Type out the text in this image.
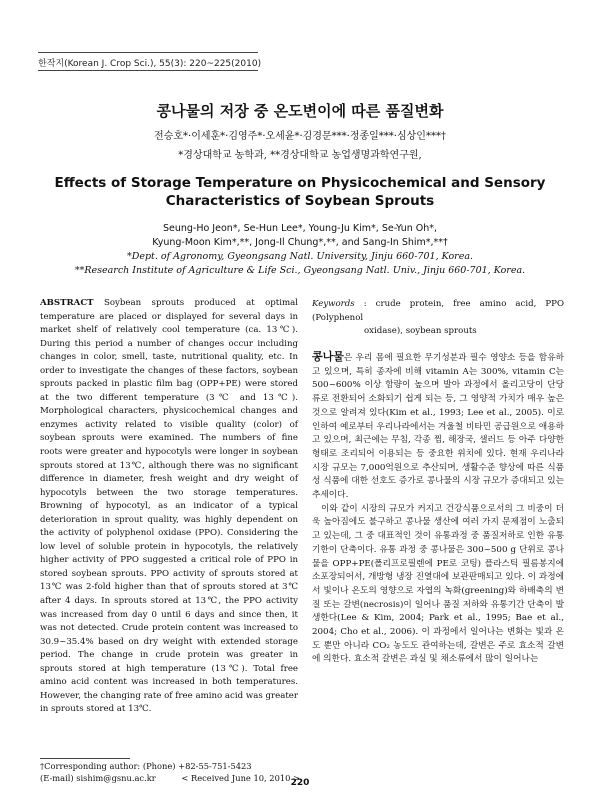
한작지(Korean J. Crop Sci.), 55(3): 220~225(2010)
콩나물의 저장 중 온도변이에 따른 품질변화
전승호*·이세훈*·김영주*·오세윤*·김경문***·정종일***·심상인***†
*경상대학교 농학과, **경상대학교 농업생명과학연구원,
Effects of Storage Temperature on Physicochemical and Sensory Characteristics of Soybean Sprouts
Seung-Ho Jeon*, Se-Hun Lee*, Young-Ju Kim*, Se-Yun Oh*,
Kyung-Moon Kim*,**, Jong-Il Chung*,**, and Sang-In Shim*,**†
*Dept. of Agronomy, Gyeongsang Natl. University, Jinju 660-701, Korea.
**Research Institute of Agriculture & Life Sci., Gyeongsang Natl. Univ., Jinju 660-701, Korea.
ABSTRACT Soybean sprouts produced at optimal temperature are placed or displayed for several days in market shelf of relatively cool temperature (ca. 13℃). During this period a number of changes occur including changes in color, smell, taste, nutritional quality, etc. In order to investigate the changes of these factors, soybean sprouts packed in plastic film bag (OPP+PE) were stored at the two different temperature (3℃ and 13℃). Morphological characters, physicochemical changes and enzymes activity related to visible quality (color) of soybean sprouts were examined. The numbers of fine roots were greater and hypocotyls were longer in soybean sprouts stored at 13℃, although there was no significant difference in diameter, fresh weight and dry weight of hypocotyls between the two storage temperatures. Browning of hypocotyl, as an indicator of a typical deterioration in sprout quality, was highly dependent on the activity of polyphenol oxidase (PPO). Considering the low level of soluble protein in hypocotyls, the relatively higher activity of PPO suggested a critical role of PPO in stored soybean sprouts. PPO activity of sprouts stored at 13℃ was 2-fold higher than that of sprouts stored at 3℃ after 4 days. In sprouts stored at 13℃, the PPO activity was increased from day 0 until 6 days and since then, it was not detected. Crude protein content was increased to 30.9~35.4% based on dry weight with extended storage period. The change in crude protein was greater in sprouts stored at high temperature (13℃). Total free amino acid content was increased in both temperatures. However, the changing rate of free amino acid was greater in sprouts stored at 13℃.
Keywords : crude protein, free amino acid, PPO (Polyphenol
oxidase), soybean sprouts

콩나물은 우리 몸에 필요한 무기성분과 필수 영양소 등을 함유하고 있으며, 특히 종자에 비해 vitamin A는 300%, vitamin C는 500~600% 이상 함량이 높으며 발아 과정에서 올리고당이 단당류로 전환되어 소화되기 쉽게 되는 등, 그 영양적 가치가 매우 높은 것으로 알려져 있다(Kim et al., 1993; Lee et al., 2005). 이로 인하여 예로부터 우리나라에서는 겨울철 비타민 공급원으로 애용하고 있으며, 최근에는 무침, 각종 찜, 해장국, 샐러드 등 아주 다양한 형태로 조리되어 이용되는 등 중요한 위치에 있다. 현재 우리나라 시장 규모는 7,000억원으로 추산되며, 생활수준 향상에 따른 식품성 식품에 대한 선호도 증가로 콩나물의 시장 규모가 증대되고 있는 추세이다.

이와 같이 시장의 규모가 커지고 건강식품으로서의 그 비중이 더욱 높아짐에도 불구하고 콩나물 생산에 여러 가지 문제점이 노출되고 있는데, 그 중 대표적인 것이 유통과정 중 품질저하로 인한 유통기한이 단축이다. 유통 과정 중 콩나물은 300~500 g 단위로 콩나물을 OPP+PE(폴리프로필렌에 PE로 코팅) 플라스틱 필름봉지에 소포장되어서, 개방형 냉장 진열대에 보관판매되고 있다. 이 과정에서 빛이나 온도의 영향으로 자엽의 녹화(greening)와 하배축의 변질 또는 갈변(necrosis)이 일어나 품질 저하와 유통기간 단축이 발생한다(Lee & Kim, 2004; Park et al., 1995; Bae et al., 2004; Cho et al., 2006). 이 과정에서 일어나는 변화는 빛과 온도 뿐만 아니라 CO₂ 농도도 관여하는데, 갈변은 주로 효소적 갈변에 의한다. 효소적 갈변은 과실 및 채소류에서 많이 일어나는

†Corresponding author: (Phone) +82-55-751-5423
(E-mail) sishim@gsnu.ac.kr	< Received June 10, 2010 >
220
